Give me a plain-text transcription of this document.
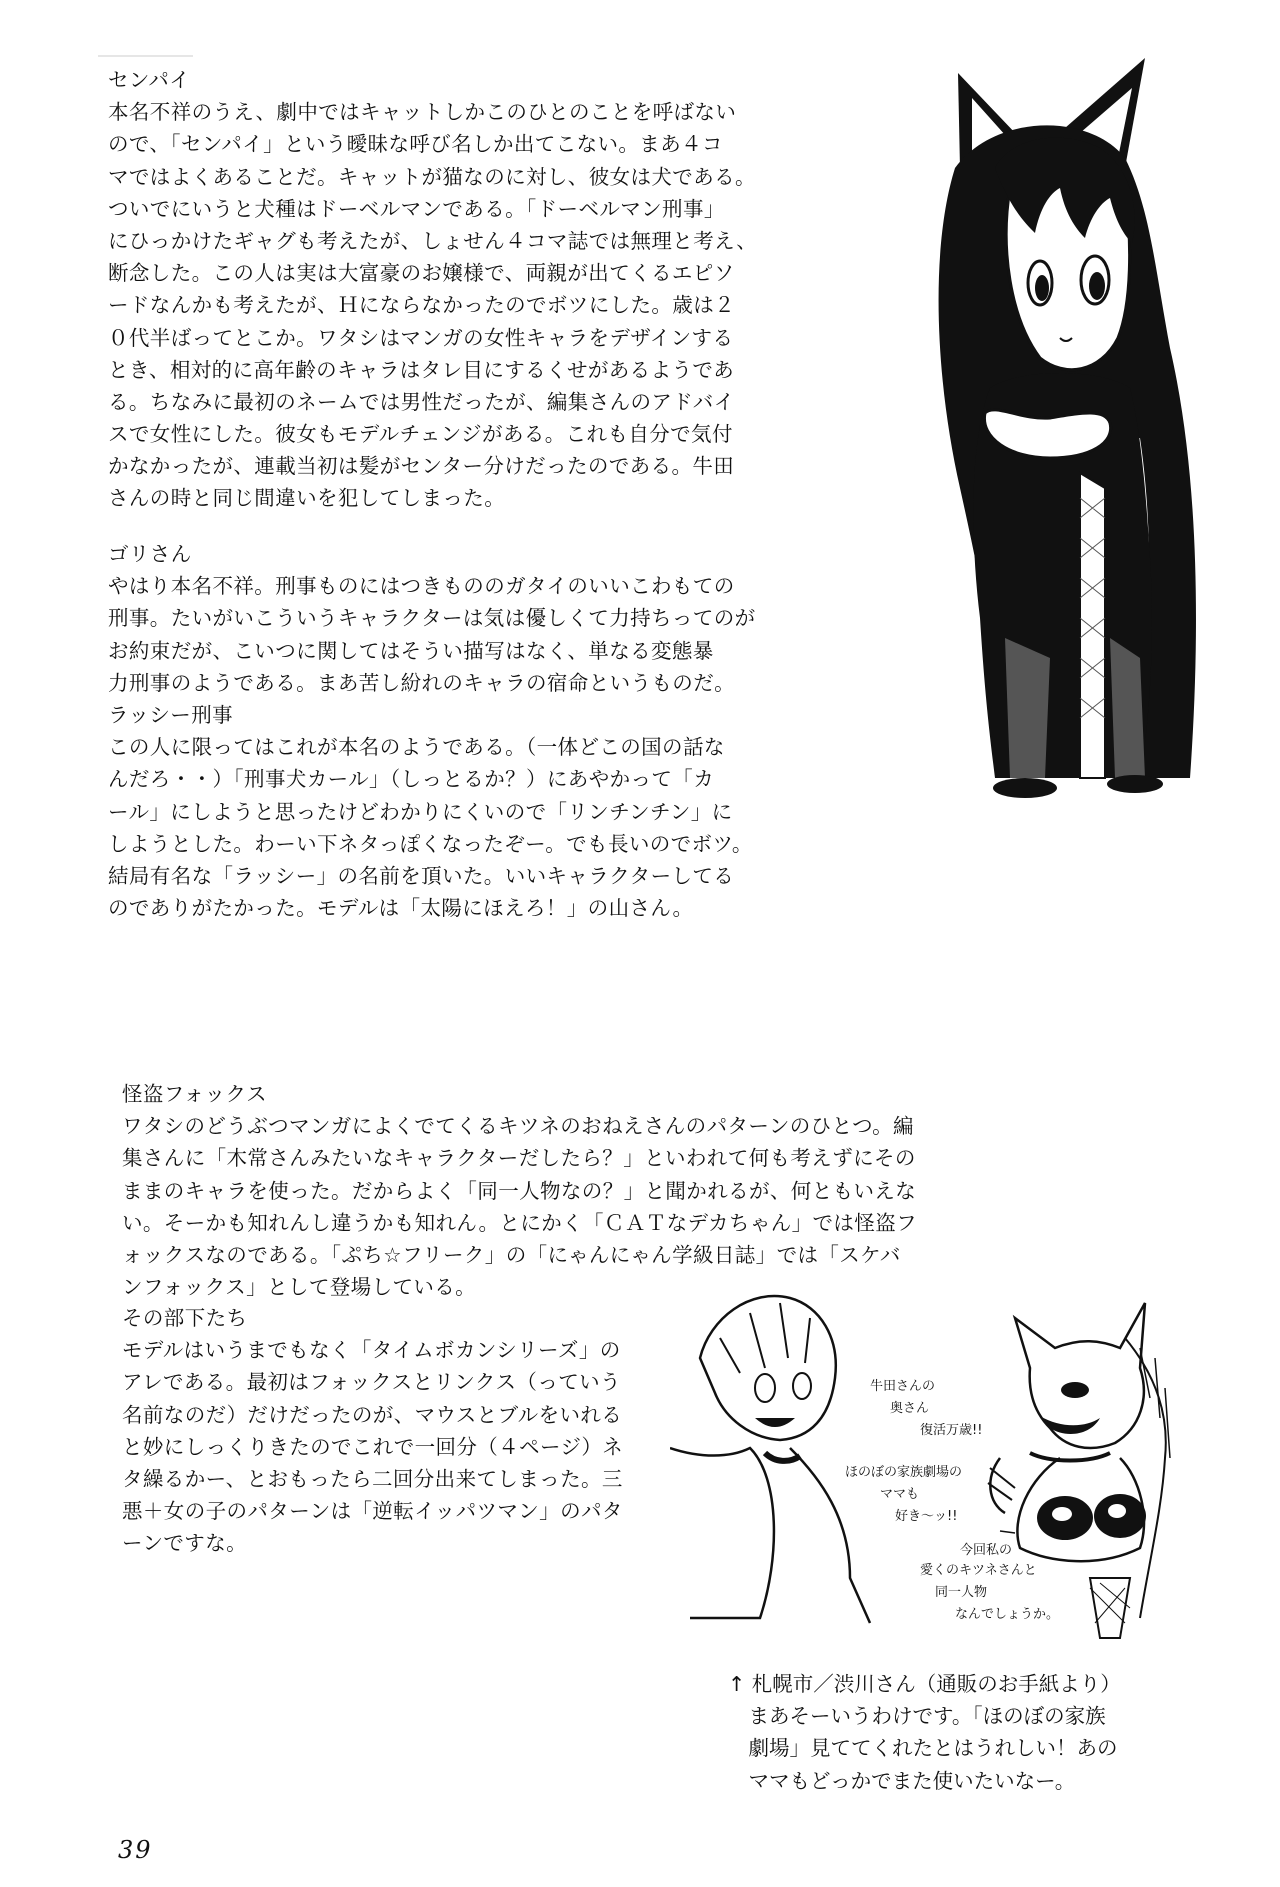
センパイ
本名不祥のうえ、劇中ではキャットしかこのひとのことを呼ばない
ので、「センパイ」という曖昧な呼び名しか出てこない。まあ４コ
マではよくあることだ。キャットが猫なのに対し、彼女は犬である。
ついでにいうと犬種はドーベルマンである。「ドーベルマン刑事」
にひっかけたギャグも考えたが、しょせん４コマ誌では無理と考え、
断念した。この人は実は大富豪のお嬢様で、両親が出てくるエピソ
ードなんかも考えたが、Ｈにならなかったのでボツにした。歳は２
０代半ばってとこか。ワタシはマンガの女性キャラをデザインする
とき、相対的に高年齢のキャラはタレ目にするくせがあるようであ
る。ちなみに最初のネームでは男性だったが、編集さんのアドバイ
スで女性にした。彼女もモデルチェンジがある。これも自分で気付
かなかったが、連載当初は髪がセンター分けだったのである。牛田
さんの時と同じ間違いを犯してしまった。
ゴリさん
やはり本名不祥。刑事ものにはつきもののガタイのいいこわもての
刑事。たいがいこういうキャラクターは気は優しくて力持ちってのが
お約束だが、こいつに関してはそうい描写はなく、単なる変態暴
力刑事のようである。まあ苦し紛れのキャラの宿命というものだ。
ラッシー刑事
この人に限ってはこれが本名のようである。（一体どこの国の話な
んだろ・・）「刑事犬カール」（しっとるか？）にあやかって「カ
ール」にしようと思ったけどわかりにくいので「リンチンチン」に
しようとした。わーい下ネタっぽくなったぞー。でも長いのでボツ。
結局有名な「ラッシー」の名前を頂いた。いいキャラクターしてる
のでありがたかった。モデルは「太陽にほえろ！」の山さん。
怪盗フォックス
ワタシのどうぶつマンガによくでてくるキツネのおねえさんのパターンのひとつ。編
集さんに「木常さんみたいなキャラクターだしたら？」といわれて何も考えずにその
ままのキャラを使った。だからよく「同一人物なの？」と聞かれるが、何ともいえな
い。そーかも知れんし違うかも知れん。とにかく「ＣＡＴなデカちゃん」では怪盗フ
ォックスなのである。「ぷち☆フリーク」の「にゃんにゃん学級日誌」では「スケバ
ンフォックス」として登場している。
その部下たち
モデルはいうまでもなく「タイムボカンシリーズ」の
アレである。最初はフォックスとリンクス（っていう
名前なのだ）だけだったのが、マウスとブルをいれる
と妙にしっくりきたのでこれで一回分（４ページ）ネ
タ繰るかー、とおもったら二回分出来てしまった。三
悪＋女の子のパターンは「逆転イッパツマン」のパタ
ーンですな。
牛田さんの
奥さん
復活万歳!!
ほのぼの家族劇場の
ママも
好き〜ッ!!
今回私の
愛くのキツネさんと
同一人物
なんでしょうか。
↑ 札幌市／渋川さん（通販のお手紙より）
　まあそーいうわけです。「ほのぼの家族
　劇場」見ててくれたとはうれしい！あの
　ママもどっかでまた使いたいなー。
39
